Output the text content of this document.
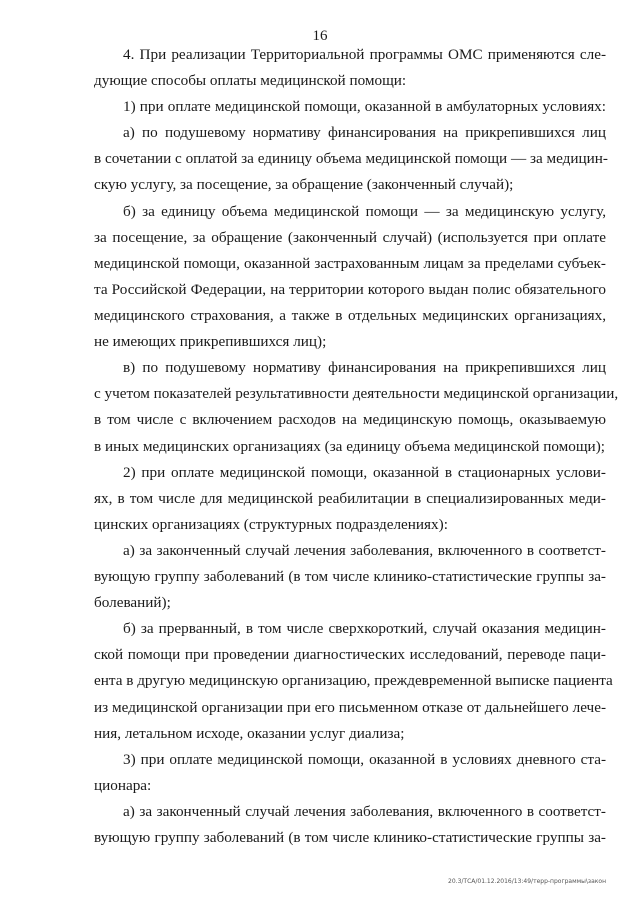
16
4. При реализации Территориальной программы ОМС применяются сле-
дующие способы оплаты медицинской помощи:
1) при оплате медицинской помощи, оказанной в амбулаторных условиях:
а) по подушевому нормативу финансирования на прикрепившихся лиц
в сочетании с оплатой за единицу объема медицинской помощи — за медицин-
скую услугу, за посещение, за обращение (законченный случай);
б) за единицу объема медицинской помощи — за медицинскую услугу,
за посещение, за обращение (законченный случай) (используется при оплате
медицинской помощи, оказанной застрахованным лицам за пределами субъек-
та Российской Федерации, на территории которого выдан полис обязательного
медицинского страхования, а также в отдельных медицинских организациях,
не имеющих прикрепившихся лиц);
в) по подушевому нормативу финансирования на прикрепившихся лиц
с учетом показателей результативности деятельности медицинской организации,
в том числе с включением расходов на медицинскую помощь, оказываемую
в иных медицинских организациях (за единицу объема медицинской помощи);
2) при оплате медицинской помощи, оказанной в стационарных услови-
ях, в том числе для медицинской реабилитации в специализированных меди-
цинских организациях (структурных подразделениях):
а) за законченный случай лечения заболевания, включенного в соответст-
вующую группу заболеваний (в том числе клинико-статистические группы за-
болеваний);
б) за прерванный, в том числе сверхкороткий, случай оказания медицин-
ской помощи при проведении диагностических исследований, переводе паци-
ента в другую медицинскую организацию, преждевременной выписке пациента
из медицинской организации при его письменном отказе от дальнейшего лече-
ния, летальном исходе, оказании услуг диализа;
3) при оплате медицинской помощи, оказанной в условиях дневного ста-
ционара:
а) за законченный случай лечения заболевания, включенного в соответст-
вующую группу заболеваний (в том числе клинико-статистические группы за-
20.3/ТСА/01.12.2016/13:49/терр-программы\закон
